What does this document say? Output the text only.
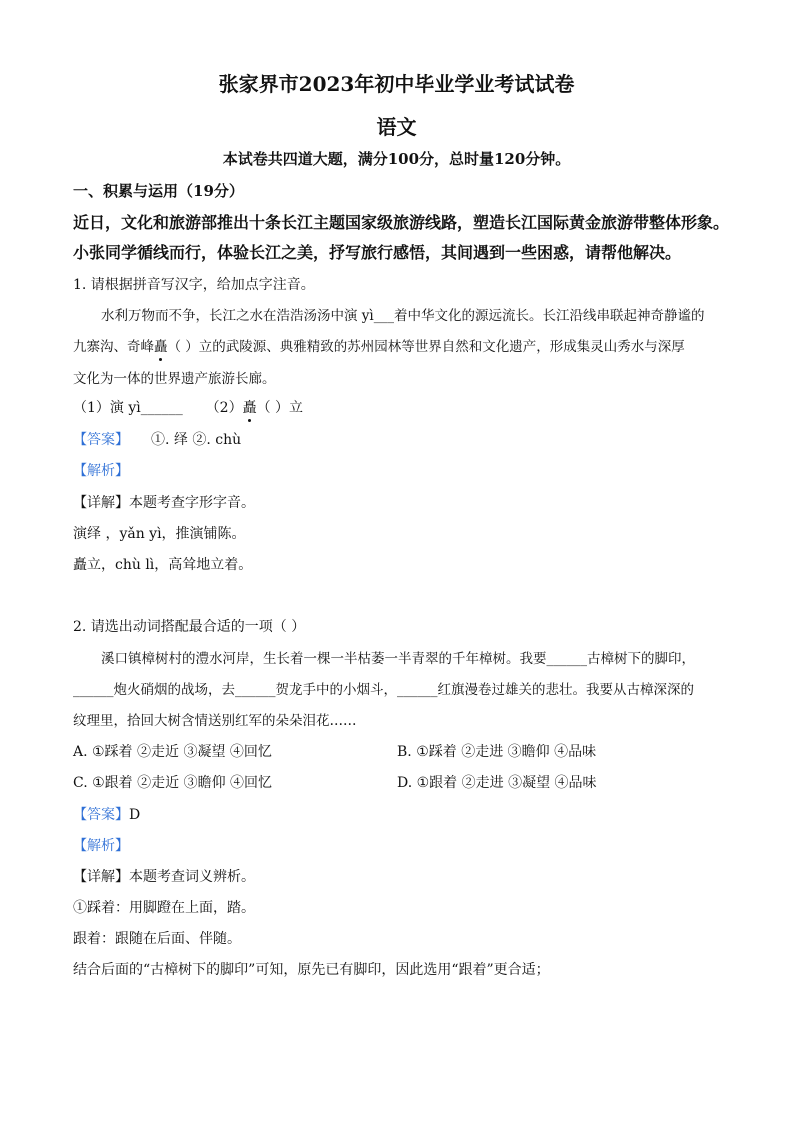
张家界市2023年初中毕业学业考试试卷
语文
本试卷共四道大题，满分100分，总时量120分钟。
一、积累与运用（19分）
近日，文化和旅游部推出十条长江主题国家级旅游线路，塑造长江国际黄金旅游带整体形象。
小张同学循线而行，体验长江之美，抒写旅行感悟，其间遇到一些困惑，请帮他解决。
1. 请根据拼音写汉字，给加点字注音。
水利万物而不争，长江之水在浩浩汤汤中演 yì___着中华文化的源远流长。长江沿线串联起神奇静谧的
九寨沟、奇峰矗（ ）立的武陵源、典雅精致的苏州园林等世界自然和文化遗产，形成集灵山秀水与深厚
文化为一体的世界遗产旅游长廊。
（1）演 yì______ （2）矗（ ）立
【答案】 ①. 绎 ②. chù
【解析】
【详解】本题考查字形字音。
演绎 ，yǎn yì，推演铺陈。
矗立，chù lì，高耸地立着。
2. 请选出动词搭配最合适的一项（ ）
溪口镇樟树村的澧水河岸，生长着一棵一半枯萎一半青翠的千年樟树。我要______古樟树下的脚印，
______炮火硝烟的战场，去______贺龙手中的小烟斗，______红旗漫卷过雄关的悲壮。我要从古樟深深的
纹理里，拾回大树含情送别红军的朵朵泪花……
A. ①踩着 ②走近 ③凝望 ④回忆	B. ①踩着 ②走进 ③瞻仰 ④品味
C. ①跟着 ②走近 ③瞻仰 ④回忆	D. ①跟着 ②走进 ③凝望 ④品味
【答案】D
【解析】
【详解】本题考查词义辨析。
①踩着：用脚蹬在上面，踏。
跟着：跟随在后面、伴随。
结合后面的“古樟树下的脚印”可知，原先已有脚印，因此选用“跟着”更合适；
